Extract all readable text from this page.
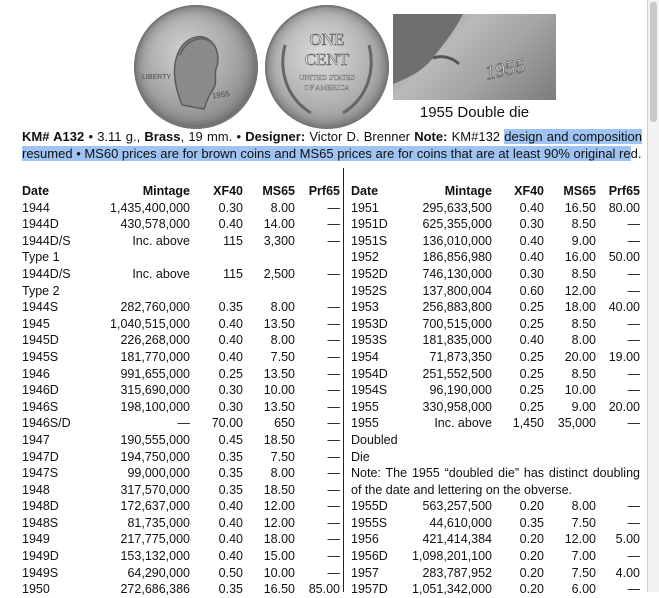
LIBERTY
1955
ONE
CENT
UNITED STATES
OF AMERICA
1955
1955 Double die
KM# A132 • 3.11 g., Brass, 19 mm. • Designer: Victor D. Brenner Note: KM#132 design and composition resumed • MS60 prices are for brown coins and MS65 prices are for coins that are at least 90% original red.
Date	Mintage	XF40	MS65	Prf65
1944	1,435,400,000	0.30	8.00	—
1944D	430,578,000	0.40	14.00	—
1944D/S	Inc. above	115	3,300	—
Type 1				
1944D/S	Inc. above	115	2,500	—
Type 2				
1944S	282,760,000	0.35	8.00	—
1945	1,040,515,000	0.40	13.50	—
1945D	226,268,000	0.40	8.00	—
1945S	181,770,000	0.40	7.50	—
1946	991,655,000	0.25	13.50	—
1946D	315,690,000	0.30	10.00	—
1946S	198,100,000	0.30	13.50	—
1946S/D	—	70.00	650	—
1947	190,555,000	0.45	18.50	—
1947D	194,750,000	0.35	7.50	—
1947S	99,000,000	0.35	8.00	—
1948	317,570,000	0.35	18.50	—
1948D	172,637,000	0.40	12.00	—
1948S	81,735,000	0.40	12.00	—
1949	217,775,000	0.40	18.00	—
1949D	153,132,000	0.40	15.00	—
1949S	64,290,000	0.50	10.00	—
1950	272,686,386	0.35	16.50	85.00
Date	Mintage	XF40	MS65	Prf65
1951	295,633,500	0.40	16.50	80.00
1951D	625,355,000	0.30	8.50	—
1951S	136,010,000	0.40	9.00	—
1952	186,856,980	0.40	16.00	50.00
1952D	746,130,000	0.30	8.50	—
1952S	137,800,004	0.60	12.00	—
1953	256,883,800	0.25	18.00	40.00
1953D	700,515,000	0.25	8.50	—
1953S	181,835,000	0.40	8.00	—
1954	71,873,350	0.25	20.00	19.00
1954D	251,552,500	0.25	8.50	—
1954S	96,190,000	0.25	10.00	—
1955	330,958,000	0.25	9.00	20.00
1955	Inc. above	1,450	35,000	—
Doubled				
Die				
Note: The 1955 “doubled die” has distinct doubling of the date and lettering on the obverse.				
1955D	563,257,500	0.20	8.00	—
1955S	44,610,000	0.35	7.50	—
1956	421,414,384	0.20	12.00	5.00
1956D	1,098,201,100	0.20	7.00	—
1957	283,787,952	0.20	7.50	4.00
1957D	1,051,342,000	0.20	6.00	—
